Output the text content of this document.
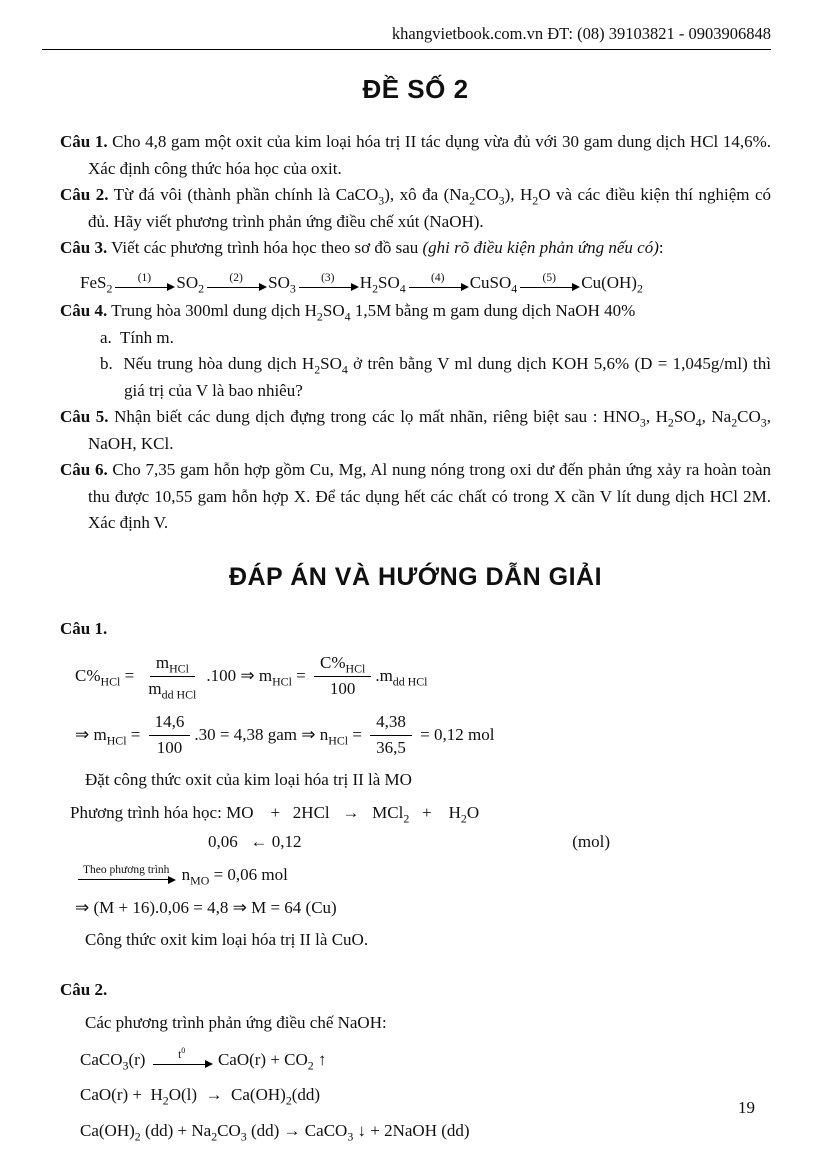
khangvietbook.com.vn ĐT: (08) 39103821 - 0903906848
ĐỀ SỐ 2

Câu 1. Cho 4,8 gam một oxit của kim loại hóa trị II tác dụng vừa đủ với 30 gam dung dịch HCl 14,6%. Xác định công thức hóa học của oxit.

Câu 2. Từ đá vôi (thành phần chính là CaCO$_3$), xô đa $(Na_2CO_3)$, $H_2O$ và các điều kiện thí nghiệm có đủ. Hãy viết phương trình phản ứng điều chế xút (NaOH).

Câu 3. Viết các phương trình hóa học theo sơ đồ sau (ghi rõ điều kiện phản ứng nếu có):

FeS$_2$
(1) $SO_2$
(2) $SO_3$
(3) $H_2SO_4$
(4) CuSO$_4$
(5) $Cu(OH)_2$

Câu 4. Trung hòa 300ml dung dịch $H_2SO_4$ 1,5M bằng m gam dung dịch NaOH 40%

a.  Tính m.

b.  Nếu trung hòa dung dịch $H_2SO_4$ ở trên bằng V ml dung dịch KOH 5,6% (D = 1,045g/ml) thì giá trị của V là bao nhiêu?

Câu 5. Nhận biết các dung dịch đựng trong các lọ mất nhãn, riêng biệt sau : $HNO_3$, $H_2SO_4$, $Na_2CO_3$, NaOH, KCl.

Câu 6. Cho 7,35 gam hỗn hợp gồm Cu, Mg, Al nung nóng trong oxi dư đến phản ứng xảy ra hoàn toàn thu được 10,55 gam hỗn hợp X. Để tác dụng hết các chất có trong X cần V lít dung dịch HCl 2M. Xác định V.

ĐÁP ÁN VÀ HƯỚNG DẪN GIẢI

Câu 1.

$C\%_{HCl} = \frac{m_{HCl}}{m_{dd HCl}} .100$ ⇒ $m_{HCl} = \frac{C\%_{HCl}}{100} .m_{dd HCl}$
⇒ $m_{HCl} = \frac{14,6}{100} .30 = 4,38$ gam ⇒ $n_{HCl} = \frac{4,38}{36,5} = 0,12$ mol

Đặt công thức oxit của kim loại hóa trị II là MO

Phương trình hóa học: MO    +   2HCl   →   MCl$_2$   +    $H_2O$

0,06   ← 0,12	(mol)
Theo phương trình $n_{MO} = 0,06$ mol
⇒ (M + 16).0,06 = 4,8 ⇒ M = 64 (Cu)

Công thức oxit kim loại hóa trị II là CuO.

Câu 2.

Các phương trình phản ứng điều chế NaOH:

CaCO$_3$(r)	$t^0$ $CaO(r) + CO_2$ ↑
$CaO(r) + H_2O(l) \to Ca(OH)_2(dd)$
$Ca(OH)_2$ $(dd) + Na_2CO_3$ (dd) → CaCO$_3$ ↓ + 2NaOH (dd)
19
